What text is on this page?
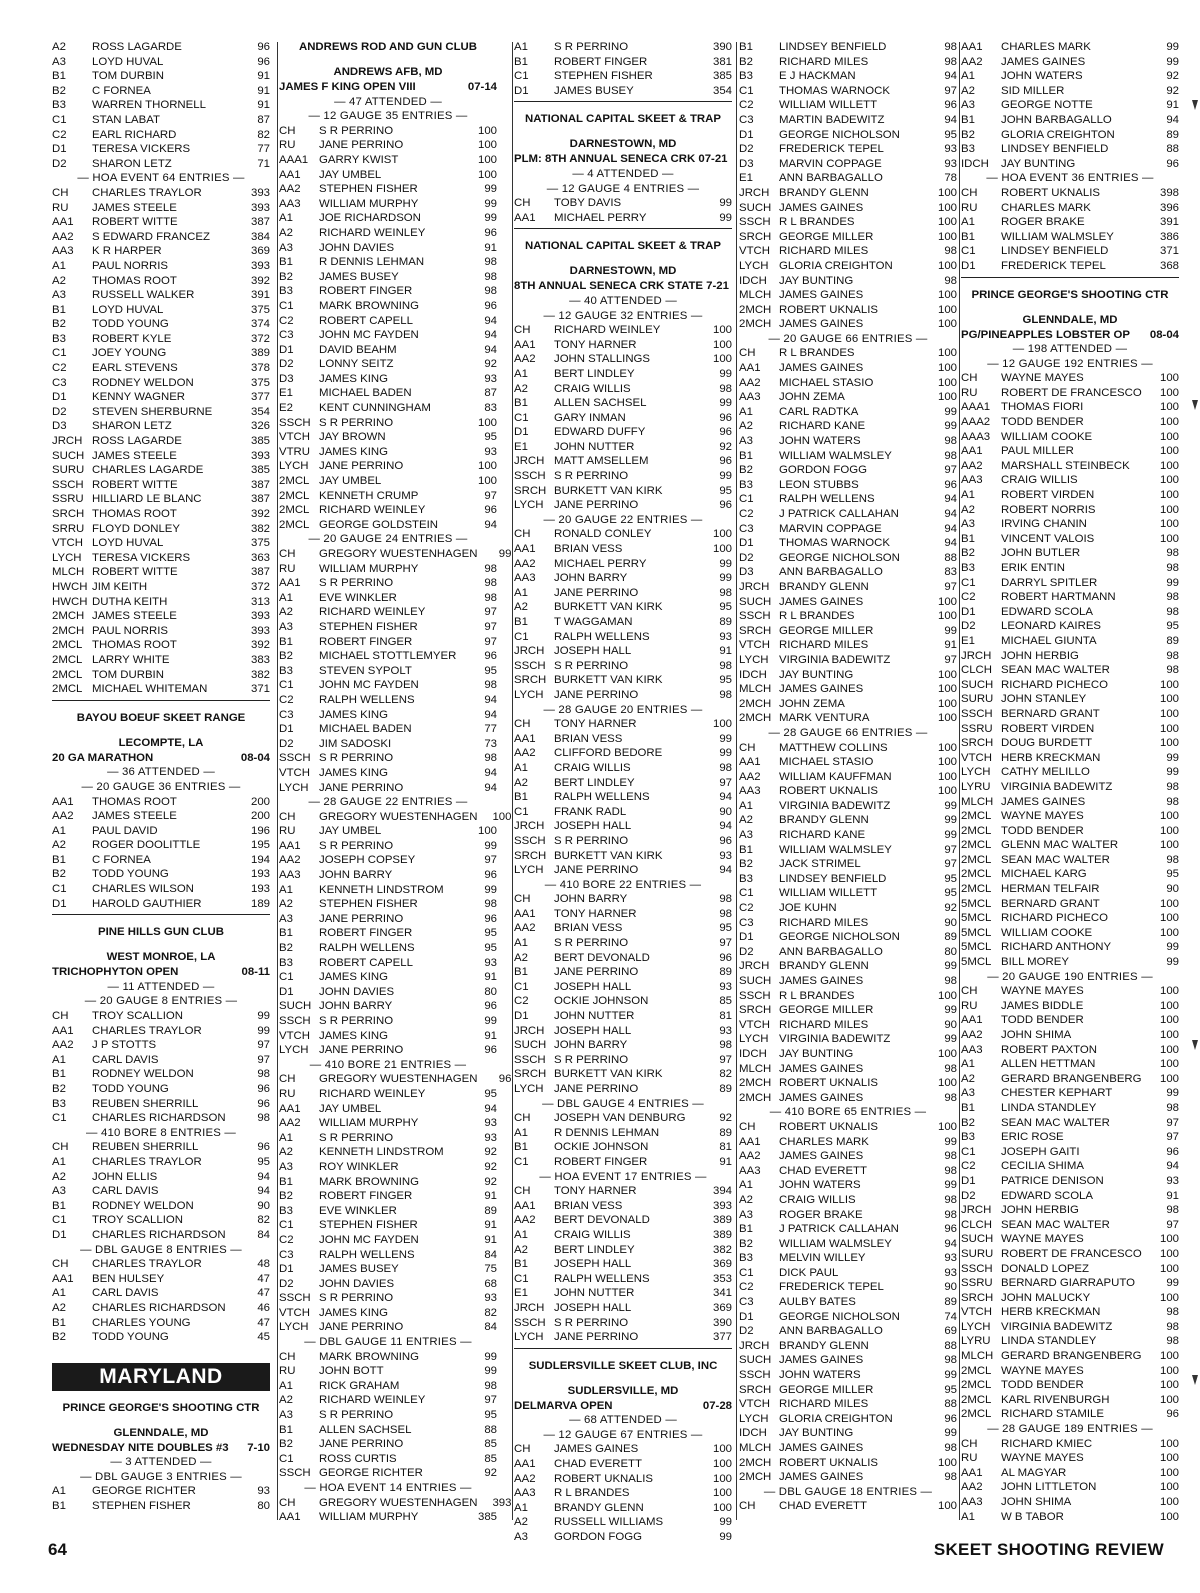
A2	ROSS LAGARDE	96
A3	LOYD HUVAL	96
B1	TOM DURBIN	91
B2	C FORNEA	91
B3	WARREN THORNELL	91
C1	STAN LABAT	87
C2	EARL RICHARD	82
D1	TERESA VICKERS	77
D2	SHARON LETZ	71
— HOA EVENT 64 ENTRIES —
CH	CHARLES TRAYLOR	393
RU	JAMES STEELE	393
AA1	ROBERT WITTE	387
AA2	S EDWARD FRANCEZ	384
AA3	K R HARPER	369
A1	PAUL NORRIS	393
A2	THOMAS ROOT	392
A3	RUSSELL WALKER	391
B1	LOYD HUVAL	375
B2	TODD YOUNG	374
B3	ROBERT KYLE	372
C1	JOEY YOUNG	389
C2	EARL STEVENS	378
C3	RODNEY WELDON	375
D1	KENNY WAGNER	377
D2	STEVEN SHERBURNE	354
D3	SHARON LETZ	326
JRCH ROSS LAGARDE	385
SUCH JAMES STEELE	393
SURU CHARLES LAGARDE	385
SSCH ROBERT WITTE	387
SSRU HILLIARD LE BLANC	387
SRCH THOMAS ROOT	392
SRRU FLOYD DONLEY	382
VTCH LOYD HUVAL	375
LYCH TERESA VICKERS	363
MLCH ROBERT WITTE	387
HWCH JIM KEITH	372
HWCH DUTHA KEITH	313
2MCH JAMES STEELE	393
2MCH PAUL NORRIS	393
2MCL THOMAS ROOT	392
2MCL LARRY WHITE	383
2MCL TOM DURBIN	382
2MCL MICHAEL WHITEMAN	371
BAYOU BOEUF SKEET RANGE
LECOMPTE, LA
20 GA MARATHON	08-04
— 36 ATTENDED —
— 20 GAUGE 36 ENTRIES —
AA1	THOMAS ROOT	200
AA2	JAMES STEELE	200
A1	PAUL DAVID	196
A2	ROGER DOOLITTLE	195
B1	C FORNEA	194
B2	TODD YOUNG	193
C1	CHARLES WILSON	193
D1	HAROLD GAUTHIER	189
PINE HILLS GUN CLUB
WEST MONROE, LA
TRICHOPHYTON OPEN	08-11
— 11 ATTENDED —
— 20 GAUGE 8 ENTRIES —
CH	TROY SCALLION	99
AA1	CHARLES TRAYLOR	99
AA2	J P STOTTS	97
A1	CARL DAVIS	97
B1	RODNEY WELDON	98
B2	TODD YOUNG	96
B3	REUBEN SHERRILL	96
C1	CHARLES RICHARDSON	98
— 410 BORE 8 ENTRIES —
CH	REUBEN SHERRILL	96
A1	CHARLES TRAYLOR	95
A2	JOHN ELLIS	94
A3	CARL DAVIS	94
B1	RODNEY WELDON	90
C1	TROY SCALLION	82
D1	CHARLES RICHARDSON	84
— DBL GAUGE 8 ENTRIES —
CH	CHARLES TRAYLOR	48
AA1	BEN HULSEY	47
A1	CARL DAVIS	47
A2	CHARLES RICHARDSON	46
B1	CHARLES YOUNG	47
B2	TODD YOUNG	45
MARYLAND
PRINCE GEORGE'S SHOOTING CTR
GLENNDALE, MD
WEDNESDAY NITE DOUBLES #3	7-10
— 3 ATTENDED —
— DBL GAUGE 3 ENTRIES —
A1	GEORGE RICHTER	93
B1	STEPHEN FISHER	80
ANDREWS ROD AND GUN CLUB
ANDREWS AFB, MD
JAMES F KING OPEN VIII	07-14
— 47 ATTENDED —
— 12 GAUGE 35 ENTRIES —
CH	S R PERRINO	100
RU	JANE PERRINO	100
AAA1 GARRY KWIST	100
AA1	JAY UMBEL	100
AA2	STEPHEN FISHER	99
AA3	WILLIAM MURPHY	99
A1	JOE RICHARDSON	99
A2	RICHARD WEINLEY	96
A3	JOHN DAVIES	91
B1	R DENNIS LEHMAN	98
B2	JAMES BUSEY	98
B3	ROBERT FINGER	98
C1	MARK BROWNING	96
C2	ROBERT CAPELL	94
C3	JOHN MC FAYDEN	94
D1	DAVID BEAHM	94
D2	LONNY SEITZ	92
D3	JAMES KING	93
E1	MICHAEL BADEN	87
E2	KENT CUNNINGHAM	83
SSCH S R PERRINO	100
VTCH JAY BROWN	95
VTRU JAMES KING	93
LYCH JANE PERRINO	100
2MCL JAY UMBEL	100
2MCL KENNETH CRUMP	97
2MCL RICHARD WEINLEY	96
2MCL GEORGE GOLDSTEIN	94
— 20 GAUGE 24 ENTRIES —
CH	GREGORY WUESTENHAGEN	99
RU	WILLIAM MURPHY	98
AA1	S R PERRINO	98
A1	EVE WINKLER	98
A2	RICHARD WEINLEY	97
A3	STEPHEN FISHER	97
B1	ROBERT FINGER	97
B2	MICHAEL STOTTLEMYER	96
B3	STEVEN SYPOLT	95
C1	JOHN MC FAYDEN	98
C2	RALPH WELLENS	94
C3	JAMES KING	94
D1	MICHAEL BADEN	77
D2	JIM SADOSKI	73
SSCH S R PERRINO	98
VTCH JAMES KING	94
LYCH JANE PERRINO	94
— 28 GAUGE 22 ENTRIES —
CH	GREGORY WUESTENHAGEN	100
RU	JAY UMBEL	100
AA1	S R PERRINO	99
AA2	JOSEPH COPSEY	97
AA3	JOHN BARRY	96
A1	KENNETH LINDSTROM	99
A2	STEPHEN FISHER	98
A3	JANE PERRINO	96
B1	ROBERT FINGER	95
B2	RALPH WELLENS	95
B3	ROBERT CAPELL	93
C1	JAMES KING	91
D1	JOHN DAVIES	80
SUCH JOHN BARRY	96
SSCH S R PERRINO	99
VTCH JAMES KING	91
LYCH JANE PERRINO	96
— 410 BORE 21 ENTRIES —
CH	GREGORY WUESTENHAGEN	96
RU	RICHARD WEINLEY	95
AA1	JAY UMBEL	94
AA2	WILLIAM MURPHY	93
A1	S R PERRINO	93
A2	KENNETH LINDSTROM	92
A3	ROY WINKLER	92
B1	MARK BROWNING	92
B2	ROBERT FINGER	91
B3	EVE WINKLER	89
C1	STEPHEN FISHER	91
C2	JOHN MC FAYDEN	91
C3	RALPH WELLENS	84
D1	JAMES BUSEY	75
D2	JOHN DAVIES	68
SSCH S R PERRINO	93
VTCH JAMES KING	82
LYCH JANE PERRINO	84
— DBL GAUGE 11 ENTRIES —
CH	MARK BROWNING	99
RU	JOHN BOTT	99
A1	RICK GRAHAM	98
A2	RICHARD WEINLEY	97
A3	S R PERRINO	95
B1	ALLEN SACHSEL	88
B2	JANE PERRINO	85
C1	ROSS CURTIS	85
SSCH GEORGE RICHTER	92
— HOA EVENT 14 ENTRIES —
CH	GREGORY WUESTENHAGEN	393
AA1	WILLIAM MURPHY	385
A1	S R PERRINO	390
B1	ROBERT FINGER	381
C1	STEPHEN FISHER	385
D1	JAMES BUSEY	354
NATIONAL CAPITAL SKEET & TRAP
DARNESTOWN, MD
PLM: 8TH ANNUAL SENECA CRK 07-21
— 4 ATTENDED —
— 12 GAUGE 4 ENTRIES —
CH	TOBY DAVIS	99
AA1	MICHAEL PERRY	99
NATIONAL CAPITAL SKEET & TRAP
DARNESTOWN, MD
8TH ANNUAL SENECA CRK STATE 7-21
— 40 ATTENDED —
— 12 GAUGE 32 ENTRIES —
CH	RICHARD WEINLEY	100
AA1	TONY HARNER	100
AA2	JOHN STALLINGS	100
A1	BERT LINDLEY	99
A2	CRAIG WILLIS	98
B1	ALLEN SACHSEL	99
C1	GARY INMAN	96
D1	EDWARD DUFFY	96
E1	JOHN NUTTER	92
JRCH MATT AMSELLEM	96
SSCH S R PERRINO	99
SRCH BURKETT VAN KIRK	95
LYCH JANE PERRINO	96
— 20 GAUGE 22 ENTRIES —
CH	RONALD CONLEY	100
AA1	BRIAN VESS	100
AA2	MICHAEL PERRY	99
AA3	JOHN BARRY	99
A1	JANE PERRINO	98
A2	BURKETT VAN KIRK	95
B1	T WAGGAMAN	89
C1	RALPH WELLENS	93
JRCH JOSEPH HALL	91
SSCH S R PERRINO	98
SRCH BURKETT VAN KIRK	95
LYCH JANE PERRINO	98
— 28 GAUGE 20 ENTRIES —
CH	TONY HARNER	100
AA1	BRIAN VESS	99
AA2	CLIFFORD BEDORE	99
A1	CRAIG WILLIS	98
A2	BERT LINDLEY	97
B1	RALPH WELLENS	94
C1	FRANK RADL	90
JRCH JOSEPH HALL	94
SSCH S R PERRINO	96
SRCH BURKETT VAN KIRK	93
LYCH JANE PERRINO	94
— 410 BORE 22 ENTRIES —
CH	JOHN BARRY	98
AA1	TONY HARNER	98
AA2	BRIAN VESS	95
A1	S R PERRINO	97
A2	BERT DEVONALD	96
B1	JANE PERRINO	89
C1	JOSEPH HALL	93
C2	OCKIE JOHNSON	85
D1	JOHN NUTTER	81
JRCH JOSEPH HALL	93
SUCH JOHN BARRY	98
SSCH S R PERRINO	97
SRCH BURKETT VAN KIRK	82
LYCH JANE PERRINO	89
— DBL GAUGE 4 ENTRIES —
CH	JOSEPH VAN DENBURG	92
A1	R DENNIS LEHMAN	89
B1	OCKIE JOHNSON	81
C1	ROBERT FINGER	91
— HOA EVENT 17 ENTRIES —
CH	TONY HARNER	394
AA1	BRIAN VESS	393
AA2	BERT DEVONALD	389
A1	CRAIG WILLIS	389
A2	BERT LINDLEY	382
B1	JOSEPH HALL	369
C1	RALPH WELLENS	353
E1	JOHN NUTTER	341
JRCH JOSEPH HALL	369
SSCH S R PERRINO	390
LYCH JANE PERRINO	377
SUDLERSVILLE SKEET CLUB, INC
SUDLERSVILLE, MD
DELMARVA OPEN	07-28
— 68 ATTENDED —
— 12 GAUGE 67 ENTRIES —
CH	JAMES GAINES	100
AA1	CHAD EVERETT	100
AA2	ROBERT UKNALIS	100
AA3	R L BRANDES	100
A1	BRANDY GLENN	100
A2	RUSSELL WILLIAMS	99
A3	GORDON FOGG	99
B1	LINDSEY BENFIELD	98
B2	RICHARD MILES	98
B3	E J HACKMAN	94
C1	THOMAS WARNOCK	97
C2	WILLIAM WILLETT	96
C3	MARTIN BADEWITZ	94
D1	GEORGE NICHOLSON	95
D2	FREDERICK TEPEL	93
D3	MARVIN COPPAGE	93
E1	ANN BARBAGALLO	78
JRCH BRANDY GLENN	100
SUCH JAMES GAINES	100
SSCH R L BRANDES	100
SRCH GEORGE MILLER	100
VTCH RICHARD MILES	98
LYCH GLORIA CREIGHTON	100
IDCH	JAY BUNTING	98
MLCH JAMES GAINES	100
2MCH ROBERT UKNALIS	100
2MCH JAMES GAINES	100
— 20 GAUGE 66 ENTRIES —
CH	R L BRANDES	100
AA1	JAMES GAINES	100
AA2	MICHAEL STASIO	100
AA3	JOHN ZEMA	100
A1	CARL RADTKA	99
A2	RICHARD KANE	99
A3	JOHN WATERS	98
B1	WILLIAM WALMSLEY	98
B2	GORDON FOGG	97
B3	LEON STUBBS	96
C1	RALPH WELLENS	94
C2	J PATRICK CALLAHAN	94
C3	MARVIN COPPAGE	94
D1	THOMAS WARNOCK	94
D2	GEORGE NICHOLSON	88
D3	ANN BARBAGALLO	83
JRCH BRANDY GLENN	97
SUCH JAMES GAINES	100
SSCH R L BRANDES	100
SRCH GEORGE MILLER	99
VTCH RICHARD MILES	91
LYCH VIRGINIA BADEWITZ	97
IDCH	JAY BUNTING	100
MLCH JAMES GAINES	100
2MCH JOHN ZEMA	100
2MCH MARK VENTURA	100
— 28 GAUGE 66 ENTRIES —
CH	MATTHEW COLLINS	100
AA1	MICHAEL STASIO	100
AA2	WILLIAM KAUFFMAN	100
AA3	ROBERT UKNALIS	100
A1	VIRGINIA BADEWITZ	99
A2	BRANDY GLENN	99
A3	RICHARD KANE	99
B1	WILLIAM WALMSLEY	97
B2	JACK STRIMEL	97
B3	LINDSEY BENFIELD	95
C1	WILLIAM WILLETT	95
C2	JOE KUHN	92
C3	RICHARD MILES	90
D1	GEORGE NICHOLSON	89
D2	ANN BARBAGALLO	80
JRCH BRANDY GLENN	99
SUCH JAMES GAINES	98
SSCH R L BRANDES	100
SRCH GEORGE MILLER	99
VTCH RICHARD MILES	90
LYCH VIRGINIA BADEWITZ	99
IDCH	JAY BUNTING	100
MLCH JAMES GAINES	98
2MCH ROBERT UKNALIS	100
2MCH JAMES GAINES	98
— 410 BORE 65 ENTRIES —
CH	ROBERT UKNALIS	100
AA1	CHARLES MARK	99
AA2	JAMES GAINES	98
AA3	CHAD EVERETT	98
A1	JOHN WATERS	99
A2	CRAIG WILLIS	98
A3	ROGER BRAKE	98
B1	J PATRICK CALLAHAN	96
B2	WILLIAM WALMSLEY	94
B3	MELVIN WILLEY	93
C1	DICK PAUL	93
C2	FREDERICK TEPEL	90
C3	AULBY BATES	89
D1	GEORGE NICHOLSON	74
D2	ANN BARBAGALLO	69
JRCH BRANDY GLENN	88
SUCH JAMES GAINES	98
SSCH JOHN WATERS	99
SRCH GEORGE MILLER	95
VTCH RICHARD MILES	88
LYCH GLORIA CREIGHTON	96
IDCH	JAY BUNTING	99
MLCH JAMES GAINES	98
2MCH ROBERT UKNALIS	100
2MCH JAMES GAINES	98
— DBL GAUGE 18 ENTRIES —
CH	CHAD EVERETT	100
AA1	CHARLES MARK	99
AA2	JAMES GAINES	99
A1	JOHN WATERS	92
A2	SID MILLER	92
A3	GEORGE NOTTE	91
B1	JOHN BARBAGALLO	94
B2	GLORIA CREIGHTON	89
B3	LINDSEY BENFIELD	88
IDCH	JAY BUNTING	96
— HOA EVENT 36 ENTRIES —
CH	ROBERT UKNALIS	398
RU	CHARLES MARK	396
A1	ROGER BRAKE	391
B1	WILLIAM WALMSLEY	386
C1	LINDSEY BENFIELD	371
D1	FREDERICK TEPEL	368
PRINCE GEORGE'S SHOOTING CTR
GLENNDALE, MD
PG/PINEAPPLES LOBSTER OP	08-04
— 198 ATTENDED —
— 12 GAUGE 192 ENTRIES —
CH	WAYNE MAYES	100
RU	ROBERT DE FRANCESCO	100
AAA1 THOMAS FIORI	100
AAA2 TODD BENDER	100
AAA3 WILLIAM COOKE	100
AA1	PAUL MILLER	100
AA2	MARSHALL STEINBECK	100
AA3	CRAIG WILLIS	100
A1	ROBERT VIRDEN	100
A2	ROBERT NORRIS	100
A3	IRVING CHANIN	100
B1	VINCENT VALOIS	100
B2	JOHN BUTLER	98
B3	ERIK ENTIN	98
C1	DARRYL SPITLER	99
C2	ROBERT HARTMANN	98
D1	EDWARD SCOLA	98
D2	LEONARD KAIRES	95
E1	MICHAEL GIUNTA	89
JRCH JOHN HERBIG	98
CLCH SEAN MAC WALTER	98
SUCH RICHARD PICHECO	100
SURU JOHN STANLEY	100
SSCH BERNARD GRANT	100
SSRU ROBERT VIRDEN	100
SRCH DOUG BURDETT	100
VTCH HERB KRECKMAN	99
LYCH CATHY MELILLO	99
LYRU VIRGINIA BADEWITZ	98
MLCH JAMES GAINES	98
2MCL WAYNE MAYES	100
2MCL TODD BENDER	100
2MCL GLENN MAC WALTER	100
2MCL SEAN MAC WALTER	98
2MCL MICHAEL KARG	95
2MCL HERMAN TELFAIR	90
5MCL BERNARD GRANT	100
5MCL RICHARD PICHECO	100
5MCL WILLIAM COOKE	100
5MCL RICHARD ANTHONY	99
5MCL BILL MOREY	99
— 20 GAUGE 190 ENTRIES —
CH	WAYNE MAYES	100
RU	JAMES BIDDLE	100
AA1	TODD BENDER	100
AA2	JOHN SHIMA	100
AA3	ROBERT PAXTON	100
A1	ALLEN HETTMAN	100
A2	GERARD BRANGENBERG	100
A3	CHESTER KEPHART	99
B1	LINDA STANDLEY	98
B2	SEAN MAC WALTER	97
B3	ERIC ROSE	97
C1	JOSEPH GAITI	96
C2	CECILIA SHIMA	94
D1	PATRICE DENISON	93
D2	EDWARD SCOLA	91
JRCH JOHN HERBIG	98
CLCH SEAN MAC WALTER	97
SUCH WAYNE MAYES	100
SURU ROBERT DE FRANCESCO	100
SSCH DONALD LOPEZ	100
SSRU BERNARD GIARRAPUTO	99
SRCH JOHN MALUCKY	100
VTCH HERB KRECKMAN	98
LYCH VIRGINIA BADEWITZ	98
LYRU LINDA STANDLEY	98
MLCH GERARD BRANGENBERG	100
2MCL WAYNE MAYES	100
2MCL TODD BENDER	100
2MCL KARL RIVENBURGH	100
2MCL RICHARD STAMILE	96
— 28 GAUGE 189 ENTRIES —
CH	RICHARD KMIEC	100
RU	WAYNE MAYES	100
AA1	AL MAGYAR	100
AA2	JOHN LITTLETON	100
AA3	JOHN SHIMA	100
A1	W B TABOR	100
64	SKEET SHOOTING REVIEW
